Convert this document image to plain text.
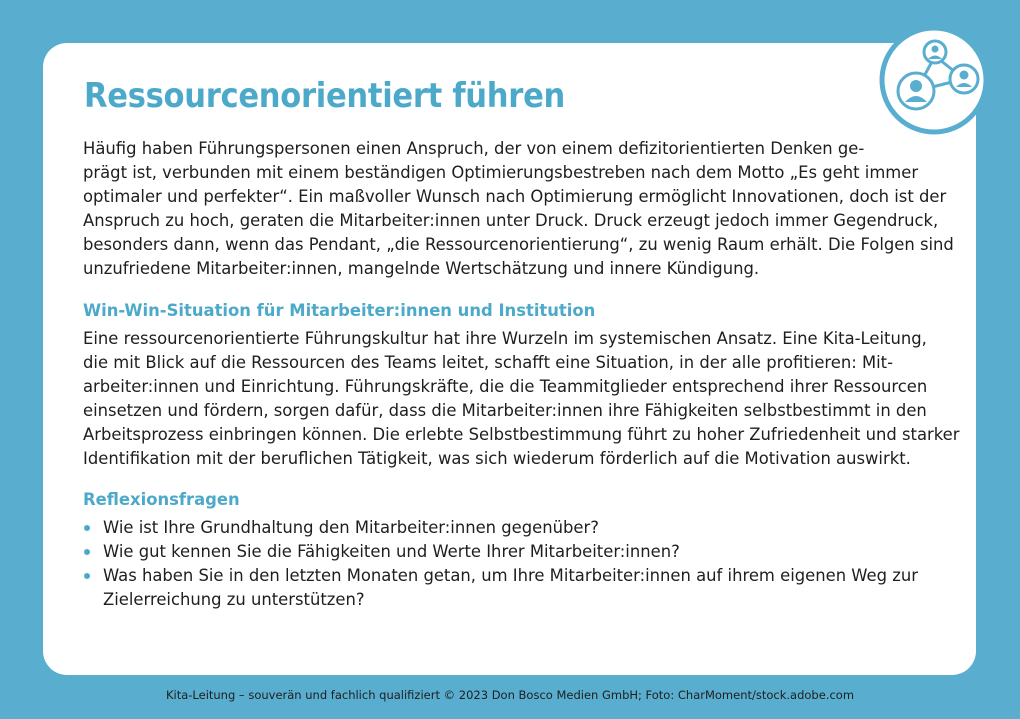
Ressourcenorientiert führen
Häufig haben Führungspersonen einen Anspruch, der von einem defizitorientierten Denken ge-
prägt ist, verbunden mit einem beständigen Optimierungsbestreben nach dem Motto „Es geht immer
optimaler und perfekter“. Ein maßvoller Wunsch nach Optimierung ermöglicht Innovationen, doch ist der
Anspruch zu hoch, geraten die Mitarbeiter:innen unter Druck. Druck erzeugt jedoch immer Gegendruck,
besonders dann, wenn das Pendant, „die Ressourcenorientierung“, zu wenig Raum erhält. Die Folgen sind
unzufriedene Mitarbeiter:innen, mangelnde Wertschätzung und innere Kündigung.
Win-Win-Situation für Mitarbeiter:innen und Institution
Eine ressourcenorientierte Führungskultur hat ihre Wurzeln im systemischen Ansatz. Eine Kita-Leitung,
die mit Blick auf die Ressourcen des Teams leitet, schafft eine Situation, in der alle profitieren: Mit-
arbeiter:innen und Einrichtung. Führungskräfte, die die Teammitglieder entsprechend ihrer Ressourcen
einsetzen und fördern, sorgen dafür, dass die Mitarbeiter:innen ihre Fähigkeiten selbstbestimmt in den
Arbeitsprozess einbringen können. Die erlebte Selbstbestimmung führt zu hoher Zufriedenheit und starker
Identifikation mit der beruflichen Tätigkeit, was sich wiederum förderlich auf die Motivation auswirkt.
Reflexionsfragen
Wie ist Ihre Grundhaltung den Mitarbeiter:innen gegenüber?
Wie gut kennen Sie die Fähigkeiten und Werte Ihrer Mitarbeiter:innen?
Was haben Sie in den letzten Monaten getan, um Ihre Mitarbeiter:innen auf ihrem eigenen Weg zur
Zielerreichung zu unterstützen?
Kita-Leitung – souverän und fachlich qualifiziert © 2023 Don Bosco Medien GmbH; Foto: CharMoment/stock.adobe.com
